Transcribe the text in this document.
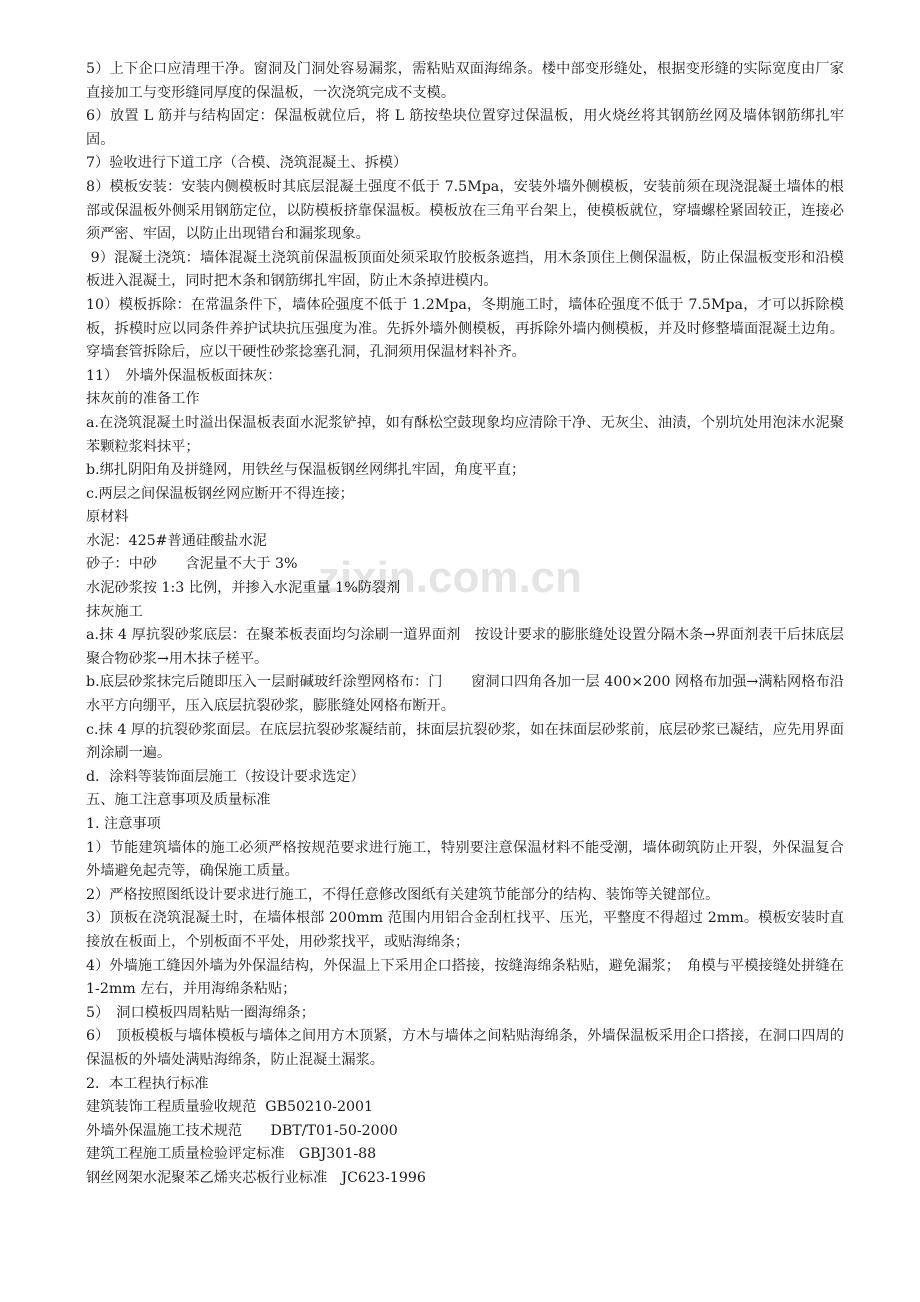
5）上下企口应清理干净。窗洞及门洞处容易漏浆，需粘贴双面海绵条。楼中部变形缝处，根据变形缝的实际宽度由厂家直接加工与变形缝同厚度的保温板，一次浇筑完成不支模。

6）放置 L 筋并与结构固定：保温板就位后，将 L 筋按垫块位置穿过保温板，用火烧丝将其钢筋丝网及墙体钢筋绑扎牢固。

7）验收进行下道工序（合模、浇筑混凝土、拆模）

8）模板安装：安装内侧模板时其底层混凝土强度不低于 7.5Mpa，安装外墙外侧模板，安装前须在现浇混凝土墙体的根部或保温板外侧采用钢筋定位，以防模板挤靠保温板。模板放在三角平台架上，使模板就位，穿墙螺栓紧固较正，连接必须严密、牢固，以防止出现错台和漏浆现象。

9）混凝土浇筑：墙体混凝土浇筑前保温板顶面处须采取竹胶板条遮挡，用木条顶住上侧保温板，防止保温板变形和沿模板进入混凝土，同时把木条和钢筋绑扎牢固，防止木条掉进模内。

10）模板拆除：在常温条件下，墙体砼强度不低于 1.2Mpa，冬期施工时，墙体砼强度不低于 7.5Mpa，才可以拆除模板，拆模时应以同条件养护试块抗压强度为准。先拆外墙外侧模板，再拆除外墙内侧模板，并及时修整墙面混凝土边角。穿墙套管拆除后，应以干硬性砂浆捻塞孔洞，孔洞须用保温材料补齐。

11）　外墙外保温板板面抹灰：

抹灰前的准备工作

a.在浇筑混凝土时溢出保温板表面水泥浆铲掉，如有酥松空鼓现象均应清除干净、无灰尘、油渍，个别坑处用泡沫水泥聚苯颗粒浆料抹平；

b.绑扎阴阳角及拼缝网，用铁丝与保温板钢丝网绑扎牢固，角度平直；

c.两层之间保温板钢丝网应断开不得连接；

原材料

水泥：425#普通硅酸盐水泥

砂子：中砂　　含泥量不大于 3%

水泥砂浆按 1:3 比例，并掺入水泥重量 1%防裂剂

抹灰施工

a.抹 4 厚抗裂砂浆底层：在聚苯板表面均匀涂刷一道界面剂　按设计要求的膨胀缝处设置分隔木条→界面剂表干后抹底层聚合物砂浆→用木抹子槎平。

b.底层砂浆抹完后随即压入一层耐碱玻纤涂塑网格布：门　　窗洞口四角各加一层 400×200 网格布加强→满粘网格布沿水平方向绷平，压入底层抗裂砂浆，膨胀缝处网格布断开。

c.抹 4 厚的抗裂砂浆面层。在底层抗裂砂浆凝结前，抹面层抗裂砂浆，如在抹面层砂浆前，底层砂浆已凝结，应先用界面剂涂刷一遍。

d．涂料等装饰面层施工（按设计要求选定）

五、施工注意事项及质量标准

1. 注意事项

1）节能建筑墙体的施工必须严格按规范要求进行施工，特别要注意保温材料不能受潮，墙体砌筑防止开裂，外保温复合外墙避免起壳等，确保施工质量。

2）严格按照图纸设计要求进行施工，不得任意修改图纸有关建筑节能部分的结构、装饰等关键部位。

3）顶板在浇筑混凝土时，在墙体根部 200mm 范围内用铝合金刮杠找平、压光，平整度不得超过 2mm。模板安装时直接放在板面上，个别板面不平处，用砂浆找平，或贴海绵条；

4）外墙施工缝因外墙为外保温结构，外保温上下采用企口搭接，按缝海绵条粘贴，避免漏浆；　角模与平模接缝处拼缝在 1-2mm 左右，并用海绵条粘贴；

5）　洞口模板四周粘贴一圈海绵条；

6）　顶板模板与墙体模板与墙体之间用方木顶紧，方木与墙体之间粘贴海绵条，外墙保温板采用企口搭接，在洞口四周的保温板的外墙处满贴海绵条，防止混凝土漏浆。

2．本工程执行标准

建筑装饰工程质量验收规范  GB50210-2001

外墙外保温施工技术规范　　DBT/T01-50-2000

建筑工程施工质量检验评定标准　GBJ301-88

钢丝网架水泥聚苯乙烯夹芯板行业标准　JC623-1996

zixin.com.cn
